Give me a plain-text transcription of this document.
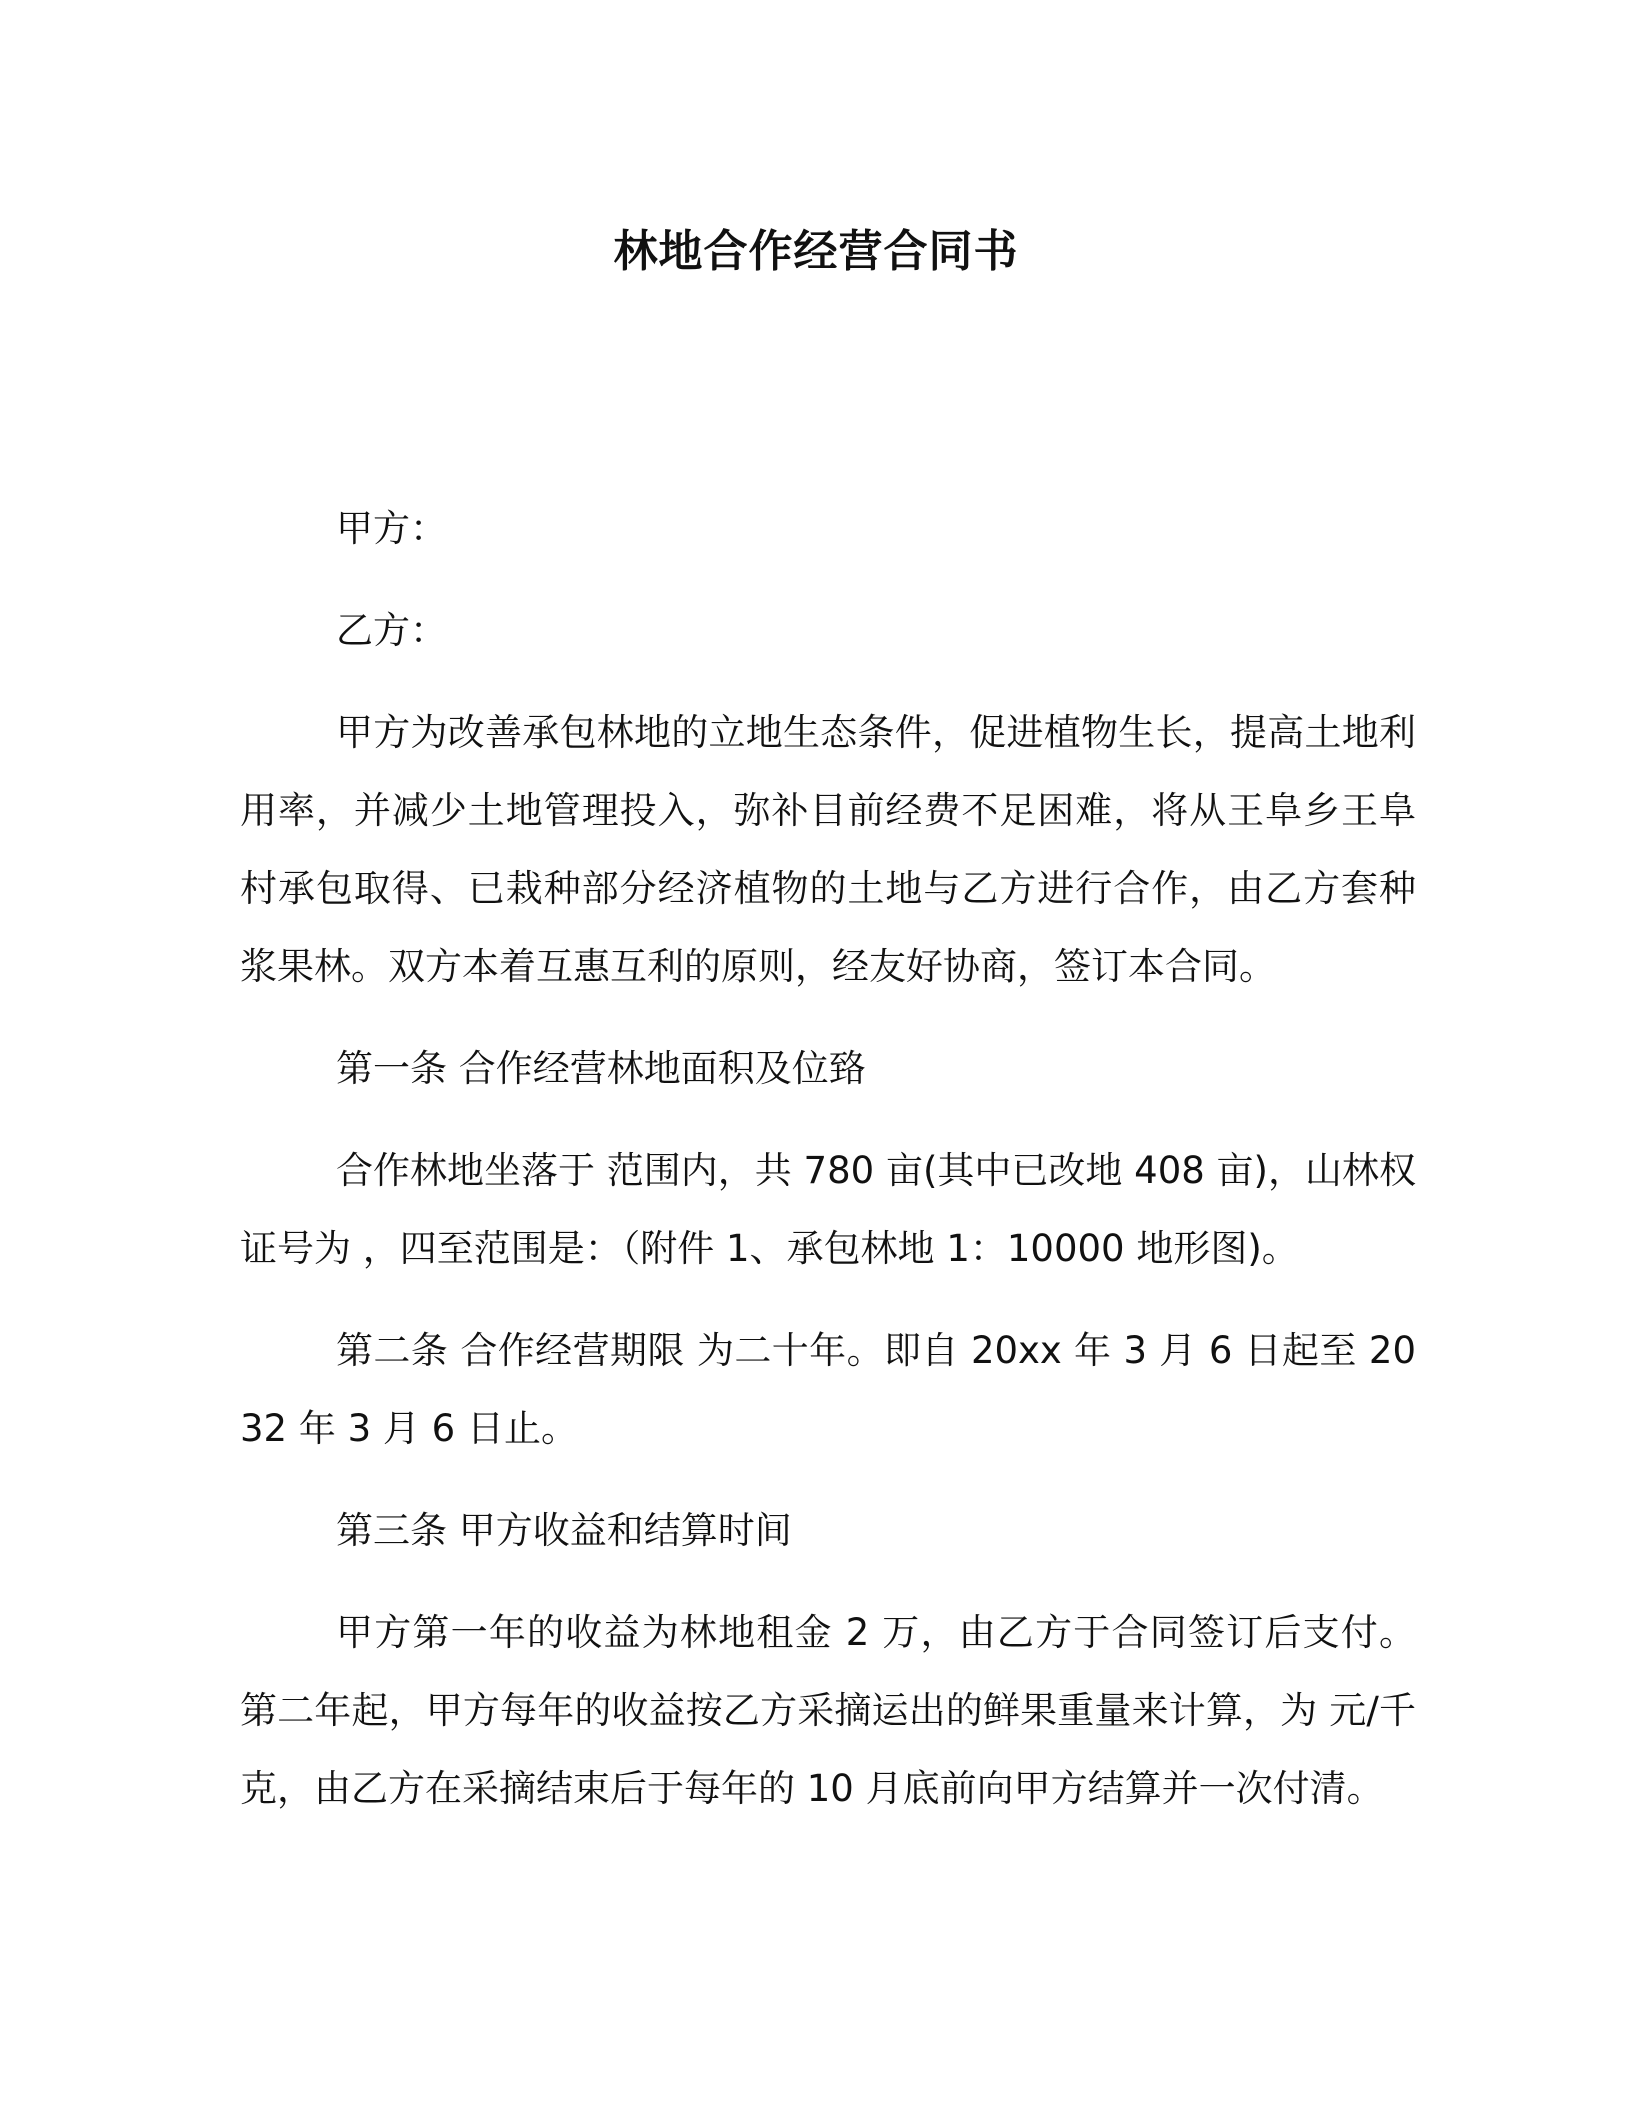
林地合作经营合同书

甲方：

乙方：

甲方为改善承包林地的立地生态条件，促进植物生长，提高土地利用率，并减少土地管理投入，弥补目前经费不足困难，将从王阜乡王阜村承包取得、已栽种部分经济植物的土地与乙方进行合作，由乙方套种浆果林。双方本着互惠互利的原则，经友好协商，签订本合同。

第一条 合作经营林地面积及位臵

合作林地坐落于 范围内，共 780 亩(其中已改地 408 亩)，山林权证号为 ，四至范围是：（附件 1、承包林地 1：10000 地形图)。

第二条 合作经营期限 为二十年。即自 20xx 年 3 月 6 日起至 2032 年 3 月 6 日止。

第三条 甲方收益和结算时间

甲方第一年的收益为林地租金 2 万，由乙方于合同签订后支付。第二年起，甲方每年的收益按乙方采摘运出的鲜果重量来计算，为 元/千克，由乙方在采摘结束后于每年的 10 月底前向甲方结算并一次付清。
